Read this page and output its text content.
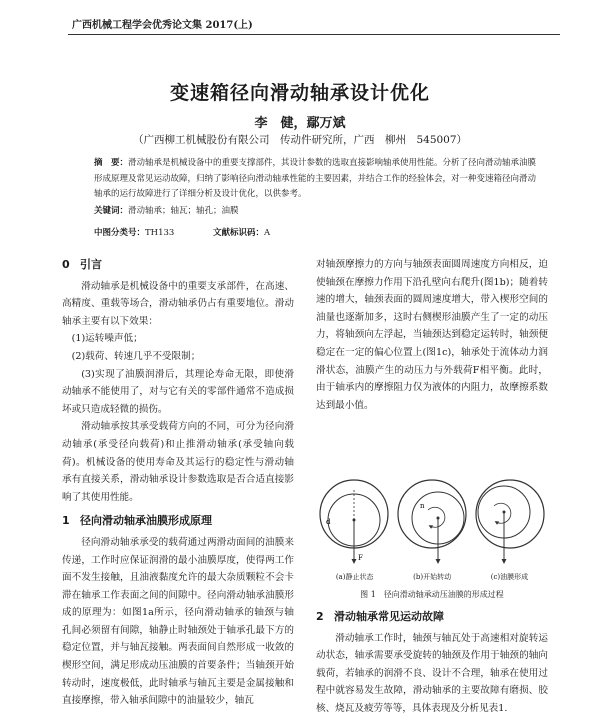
广西机械工程学会优秀论文集 2017(上)
变速箱径向滑动轴承设计优化
李　健，鄢万斌
（广西柳工机械股份有限公司　传动件研究所，广西　柳州　545007）
摘　要：滑动轴承是机械设备中的重要支撑部件，其设计参数的选取直接影响轴承使用性能。分析了径向滑动轴承油膜形成原理及常见运动故障，归纳了影响径向滑动轴承性能的主要因素，并结合工作的经验体会，对一种变速箱径向滑动轴承的运行故障进行了详细分析及设计优化，以供参考。
关键词：滑动轴承；轴瓦；轴孔；油膜
中图分类号：TH133	文献标识码：A

0 引言

滑动轴承是机械设备中的重要支承部件，在高速、高精度、重载等场合，滑动轴承仍占有重要地位。滑动轴承主要有以下效果：

(1)运转噪声低；

(2)载荷、转速几乎不受限制；

(3)实现了油膜润滑后，其理论寿命无限，即使滑动轴承不能使用了，对与它有关的零部件通常不造成损坏或只造成轻微的损伤。

滑动轴承按其承受载荷方向的不同，可分为径向滑动轴承(承受径向载荷)和止推滑动轴承(承受轴向载荷)。机械设备的使用寿命及其运行的稳定性与滑动轴承有直接关系，滑动轴承设计参数选取是否合适直接影响了其使用性能。

1 径向滑动轴承油膜形成原理

径向滑动轴承承受的载荷通过两滑动面间的油膜来传递，工作时应保证润滑的最小油膜厚度，使得两工作面不发生接触，且油液黏度允许的最大杂质颗粒不会卡滞在轴承工作表面之间的间隙中。径向滑动轴承油膜形成的原理为：如图1a所示，径向滑动轴承的轴颈与轴孔间必须留有间隙，轴静止时轴颈处于轴承孔最下方的稳定位置，并与轴瓦接触。两表面间自然形成一收敛的楔形空间，满足形成动压油膜的首要条件；当轴颈开始转动时，速度极低，此时轴承与轴瓦主要是金属接触和直接摩擦，带入轴承间隙中的油量较少，轴瓦

对轴颈摩擦力的方向与轴颈表面圆周速度方向相反，迫使轴颈在摩擦力作用下沿孔壁向右爬升(图1b)；随着转速的增大，轴颈表面的圆周速度增大，带入楔形空间的油量也逐渐加多，这时右侧楔形油膜产生了一定的动压力，将轴颈向左浮起，当轴颈达到稳定运转时，轴颈便稳定在一定的偏心位置上(图1c)，轴承处于流体动力润滑状态，油膜产生的动压力与外载荷F相平衡。此时，由于轴承内的摩擦阻力仅为液体的内阻力，故摩擦系数达到最小值。

F
d
n
(a)静止状态	(b)开始转动	(c)油膜形成
图 1　径向滑动轴承动压油膜的形成过程

2 滑动轴承常见运动故障

滑动轴承工作时，轴颈与轴瓦处于高速相对旋转运动状态，轴承需要承受旋转的轴颈及作用于轴颈的轴向载荷，若轴承的润滑不良、设计不合理，轴承在使用过程中就容易发生故障，滑动轴承的主要故障有磨损、胶核、烧瓦及疲劳等等，具体表现及分析见表1.
